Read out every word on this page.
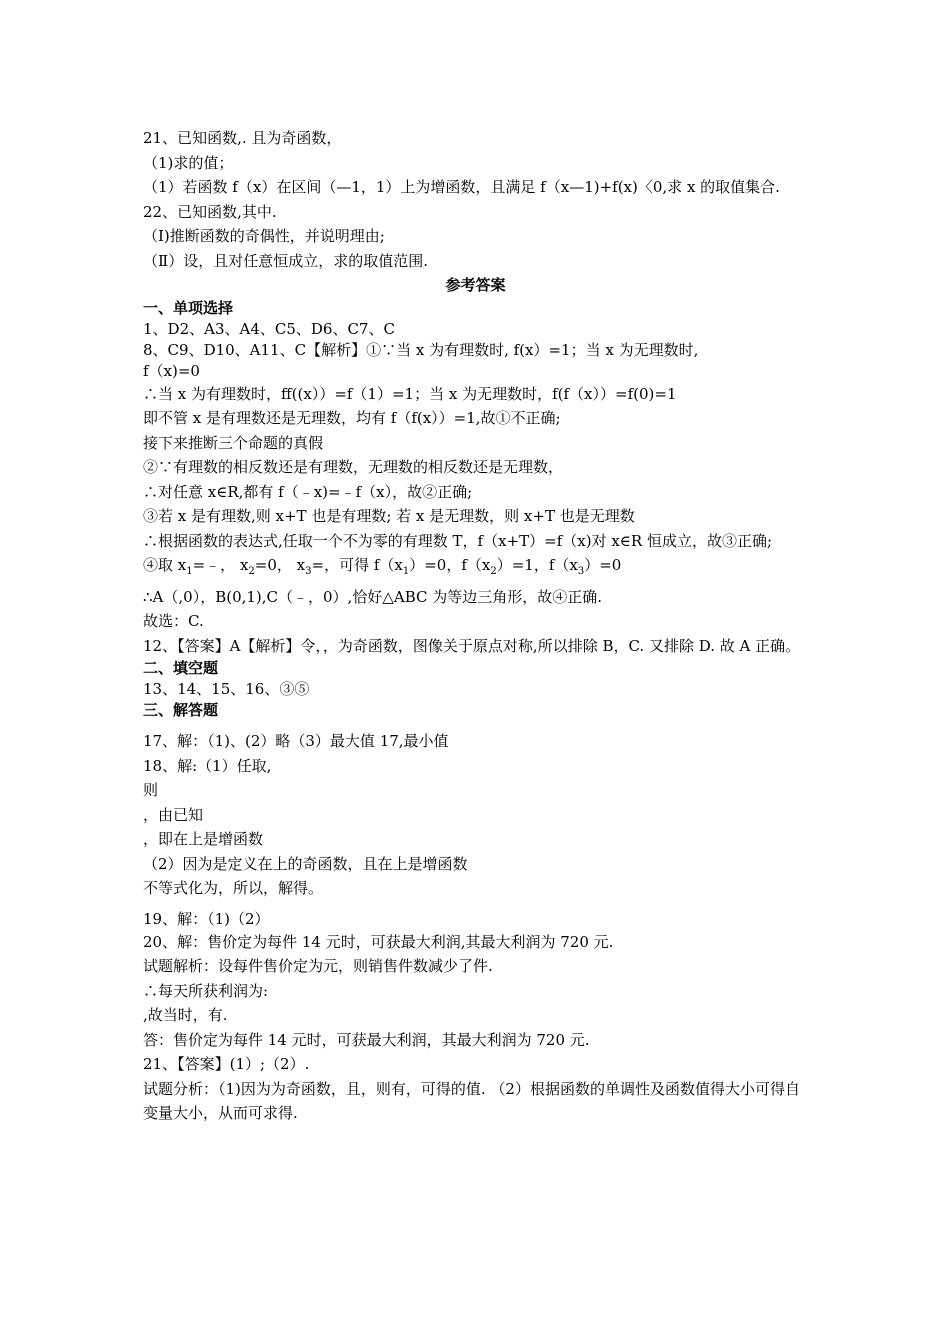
21、已知函数,. 且为奇函数，
（1)求的值；
（1）若函数 f（x）在区间（—1，1）上为增函数，且满足 f（x—1)+f(x)〈0,求 x 的取值集合.
22、已知函数,其中.
（Ⅰ)推断函数的奇偶性，并说明理由;
（Ⅱ）设，且对任意恒成立，求的取值范围.
参考答案
一、单项选择
1、D2、A3、A4、C5、D6、C7、C
8、C9、D10、A11、C【解析】①∵当 x 为有理数时, f(x）=1；当 x 为无理数时,
f（x)=0
∴当 x 为有理数时，ff((x））=f（1）=1；当 x 为无理数时，f(f（x））=f(0)=1
即不管 x 是有理数还是无理数，均有 f（f(x））=1,故①不正确;
接下来推断三个命题的真假
②∵有理数的相反数还是有理数，无理数的相反数还是无理数，
∴对任意 x∈R,都有 f（﹣x)=﹣f（x），故②正确;
③若 x 是有理数,则 x+T 也是有理数; 若 x 是无理数，则 x+T 也是无理数
∴根据函数的表达式,任取一个不为零的有理数 T，f（x+T）=f（x)对 x∈R 恒成立，故③正确;
④取 $x_1=﹣$， $x_2=0$， $x_3=$，可得 $f(x_1)=0$，$f(x_2)=1$，$f(x_3)=0$
∴A（,0），B(0,1),C（﹣，0）,恰好△ABC 为等边三角形，故④正确.
故选：C.
12、【答案】A【解析】令，，为奇函数，图像关于原点对称,所以排除 B，C. 又排除 D. 故 A 正确。
二、填空题
13、14、15、16、③⑤
三、解答题
17、解：（1)、(2）略（3）最大值 17,最小值
18、解:（1）任取,
则
，由已知
，即在上是增函数
（2）因为是定义在上的奇函数，且在上是增函数
不等式化为，所以，解得。
19、解：（1)（2）
20、解：售价定为每件 14 元时，可获最大利润,其最大利润为 720 元.
试题解析：设每件售价定为元，则销售件数减少了件.
∴每天所获利润为:
,故当时，有.
答：售价定为每件 14 元时，可获最大利润，其最大利润为 720 元.
21、【答案】(1）;（2）.
试题分析：（1)因为为奇函数，且，则有，可得的值. （2）根据函数的单调性及函数值得大小可得自变量大小，从而可求得.
